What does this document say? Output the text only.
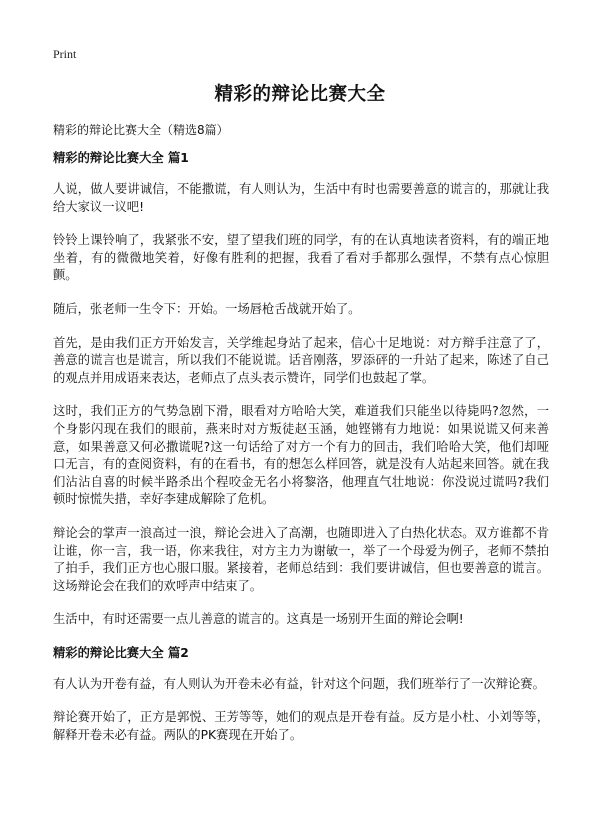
Print
精彩的辩论比赛大全

精彩的辩论比赛大全（精选8篇）

精彩的辩论比赛大全 篇1

人说，做人要讲诚信，不能撒谎，有人则认为，生活中有时也需要善意的谎言的，那就让我给大家议一议吧!

铃铃上课铃响了，我紧张不安，望了望我们班的同学，有的在认真地读者资料，有的端正地坐着，有的微微地笑着，好像有胜利的把握，我看了看对手都那么强悍，不禁有点心惊胆颤。

随后，张老师一生令下：开始。一场唇枪舌战就开始了。

首先，是由我们正方开始发言，关学维起身站了起来，信心十足地说：对方辩手注意了了，善意的谎言也是谎言，所以我们不能说谎。话音刚落，罗添砰的一升站了起来，陈述了自己的观点并用成语来表达，老师点了点头表示赞许，同学们也鼓起了掌。

这时，我们正方的气势急剧下滑，眼看对方哈哈大笑，难道我们只能坐以待毙吗?忽然，一个身影闪现在我们的眼前，燕来时对方叛徒赵玉涵，她铿锵有力地说：如果说谎又何来善意，如果善意又何必撒谎呢?这一句话给了对方一个有力的回击，我们哈哈大笑，他们却哑口无言，有的查阅资料，有的在看书，有的想怎么样回答，就是没有人站起来回答。就在我们沾沾自喜的时候半路杀出个程咬金无名小将黎洛，他理直气壮地说：你没说过谎吗?我们顿时惊慌失措，幸好李建成解除了危机。

辩论会的掌声一浪高过一浪，辩论会进入了高潮，也随即进入了白热化状态。双方谁都不肯让谁，你一言，我一语，你来我往，对方主力为谢敏一，举了一个母爱为例子，老师不禁拍了拍手，我们正方也心服口服。紧接着，老师总结到：我们要讲诚信，但也要善意的谎言。这场辩论会在我们的欢呼声中结束了。

生活中，有时还需要一点儿善意的谎言的。这真是一场别开生面的辩论会啊!

精彩的辩论比赛大全 篇2

有人认为开卷有益，有人则认为开卷未必有益，针对这个问题，我们班举行了一次辩论赛。

辩论赛开始了，正方是郭悦、王芳等等，她们的观点是开卷有益。反方是小杜、小刘等等，解释开卷未必有益。两队的PK赛现在开始了。
